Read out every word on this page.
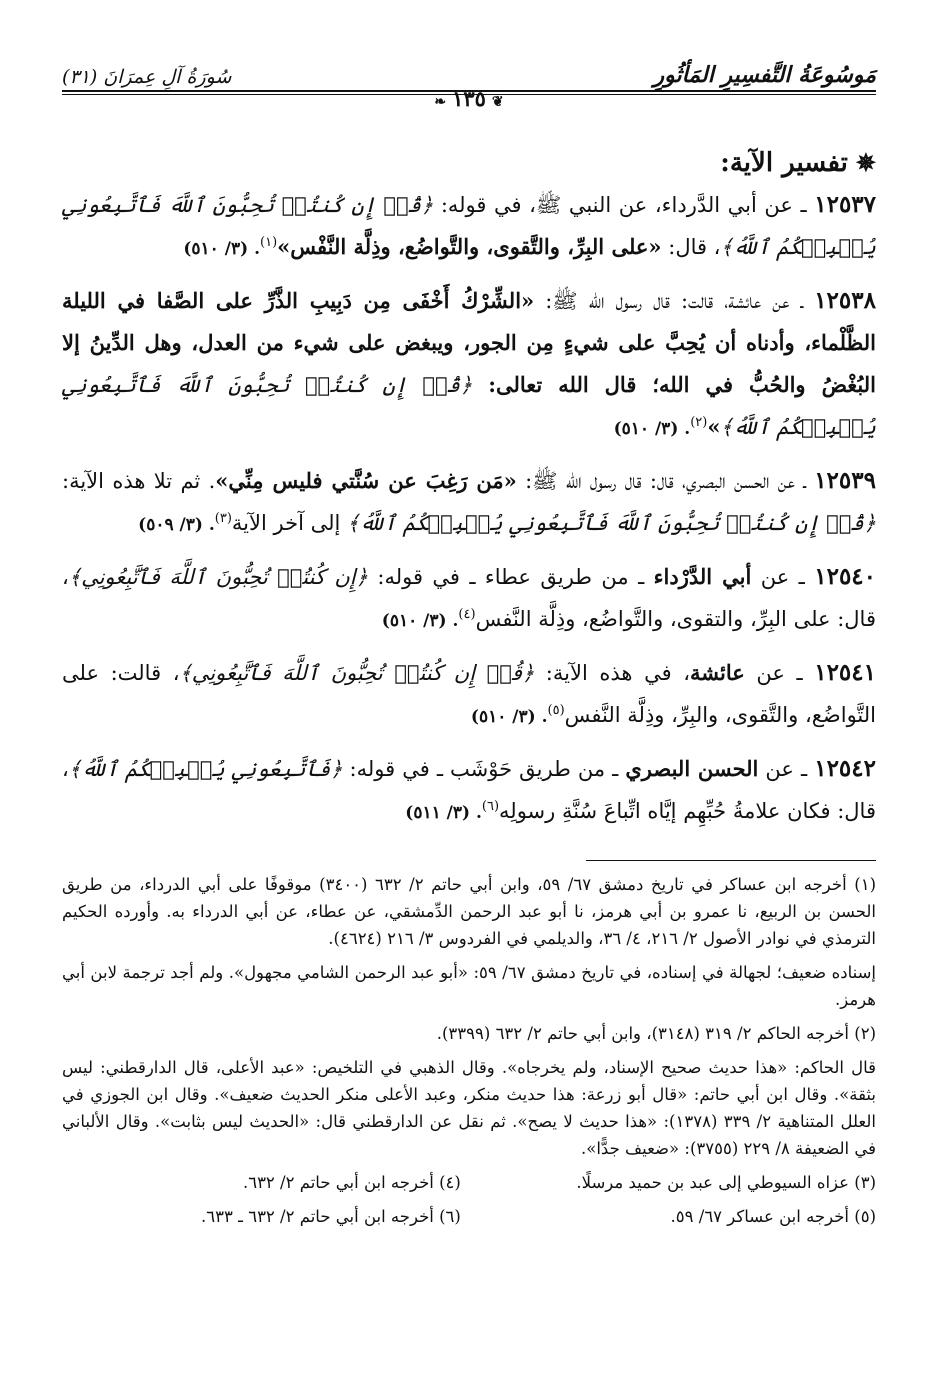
مَوسُوعَةُ التَّفسِيرِ المَأثُورِ
سُورَةُ آلِ عِمرَانَ (٣١)
❦١٣٥❧
✵تفسير الآية:
١٢٥٣٧ ـ عن أبي الدَّرداء، عن النبي ﷺ، في قوله: ﴿قُلۡ إِن كُنتُمۡ تُحِبُّونَ ٱللَّهَ فَٱتَّبِعُونِي يُحۡبِبۡكُمُ ٱللَّهُ﴾، قال: «على البِرِّ، والتَّقوى، والتَّواضُع، وذِلَّة النَّفْس»$^{(١)}$. (٣/ ٥١٠)
١٢٥٣٨ ـ عن عائشة، قالت: قال رسول الله ﷺ: «الشِّرْكُ أَخْفَى مِن دَبِيبِ الذَّرِّ على الصَّفا في الليلة الظَّلْماء، وأدناه أن يُحِبَّ على شيءٍ مِن الجور، ويبغض على شيء من العدل، وهل الدِّينُ إلا البُغْضُ والحُبُّ في الله؛ قال الله تعالى: ﴿قُلۡ إِن كُنتُمۡ تُحِبُّونَ ٱللَّهَ فَٱتَّبِعُونِي يُحۡبِبۡكُمُ ٱللَّهُ﴾»$^{(٢)}$. (٣/ ٥١٠)
١٢٥٣٩ ـ عن الحسن البصري، قال: قال رسول الله ﷺ: «مَن رَغِبَ عن سُنَّتي فليس مِنِّي». ثم تلا هذه الآية: ﴿قُلۡ إِن كُنتُمۡ تُحِبُّونَ ٱللَّهَ فَٱتَّبِعُونِي يُحۡبِبۡكُمُ ٱللَّهُ﴾ إلى آخر الآية$^{(٣)}$. (٣/ ٥٠٩)
١٢٥٤٠ ـ عن أبي الدَّرْداء ـ من طريق عطاء ـ في قوله: ﴿إِن كُنتُمۡ تُحِبُّونَ ٱللَّهَ فَٱتَّبِعُونِي﴾، قال: على البِرِّ، والتقوى، والتَّواضُع، وذِلَّة النَّفس$^{(٤)}$. (٣/ ٥١٠)
١٢٥٤١ ـ عن عائشة، في هذه الآية: ﴿قُلۡ إِن كُنتُمۡ تُحِبُّونَ ٱللَّهَ فَٱتَّبِعُونِي﴾، قالت: على التَّواضُع، والتَّقوى، والبِرِّ، وذِلَّة النَّفس$^{(٥)}$. (٣/ ٥١٠)
١٢٥٤٢ ـ عن الحسن البصري ـ من طريق حَوْشَب ـ في قوله: ﴿فَٱتَّبِعُونِي يُحۡبِبۡكُمُ ٱللَّهُ﴾، قال: فكان علامةُ حُبِّهِم إيَّاه اتِّباعَ سُنَّةِ رسولِه$^{(٦)}$. (٣/ ٥١١)

(١) أخرجه ابن عساكر في تاريخ دمشق ٦٧/ ٥٩، وابن أبي حاتم ٢/ ٦٣٢ (٣٤٠٠) موقوفًا على أبي الدرداء، من طريق الحسن بن الربيع، نا عمرو بن أبي هرمز، نا أبو عبد الرحمن الدِّمشقي، عن عطاء، عن أبي الدرداء به. وأورده الحكيم الترمذي في نوادر الأصول ٢/ ٢١٦، ٤/ ٣٦، والديلمي في الفردوس ٣/ ٢١٦ (٤٦٢٤).

إسناده ضعيف؛ لجهالة في إسناده، في تاريخ دمشق ٦٧/ ٥٩: «أبو عبد الرحمن الشامي مجهول». ولم أجد ترجمة لابن أبي هرمز.

(٢) أخرجه الحاكم ٢/ ٣١٩ (٣١٤٨)، وابن أبي حاتم ٢/ ٦٣٢ (٣٣٩٩).

قال الحاكم: «هذا حديث صحيح الإسناد، ولم يخرجاه». وقال الذهبي في التلخيص: «عبد الأعلى، قال الدارقطني: ليس بثقة». وقال ابن أبي حاتم: «قال أبو زرعة: هذا حديث منكر، وعبد الأعلى منكر الحديث ضعيف». وقال ابن الجوزي في العلل المتناهية ٢/ ٣٣٩ (١٣٧٨): «هذا حديث لا يصح». ثم نقل عن الدارقطني قال: «الحديث ليس بثابت». وقال الألباني في الضعيفة ٨/ ٢٢٩ (٣٧٥٥): «ضعيف جدًّا».

(٣) عزاه السيوطي إلى عبد بن حميد مرسلًا.
(٤) أخرجه ابن أبي حاتم ٢/ ٦٣٢.
(٥) أخرجه ابن عساكر ٦٧/ ٥٩.
(٦) أخرجه ابن أبي حاتم ٢/ ٦٣٢ ـ ٦٣٣.
